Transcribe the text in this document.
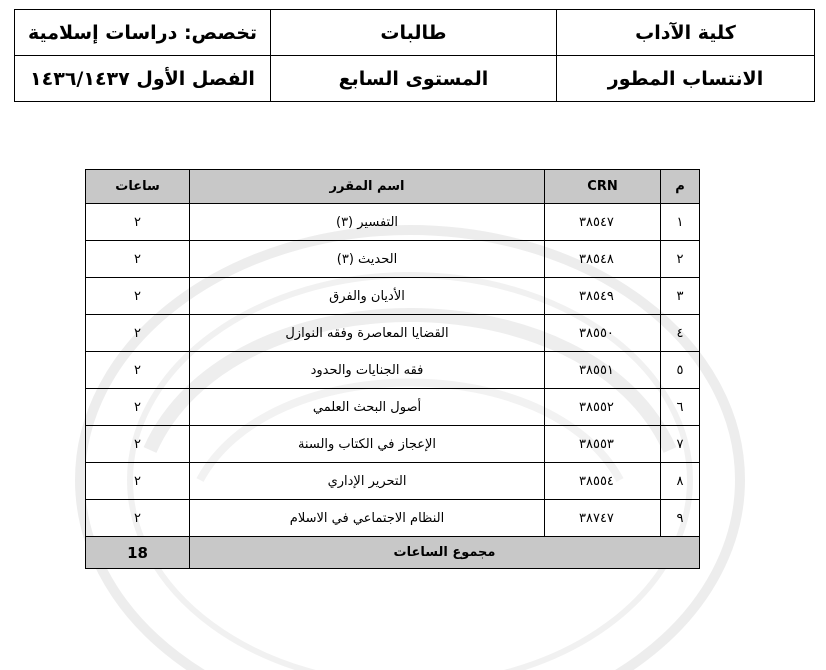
كلية الآداب	طالبات	تخصص: دراسات إسلامية
الانتساب المطور	المستوى السابع	الفصل الأول ١٤٣٦/١٤٣٧
م	CRN	اسم المقرر	ساعات
١	٣٨٥٤٧	التفسير (٣)	٢
٢	٣٨٥٤٨	الحديث (٣)	٢
٣	٣٨٥٤٩	الأديان والفرق	٢
٤	٣٨٥٥٠	القضايا المعاصرة وفقه النوازل	٢
٥	٣٨٥٥١	فقه الجنايات والحدود	٢
٦	٣٨٥٥٢	أصول البحث العلمي	٢
٧	٣٨٥٥٣	الإعجاز في الكتاب والسنة	٢
٨	٣٨٥٥٤	التحرير الإداري	٢
٩	٣٨٧٤٧	النظام الاجتماعي في الاسلام	٢
مجموع الساعات			18
